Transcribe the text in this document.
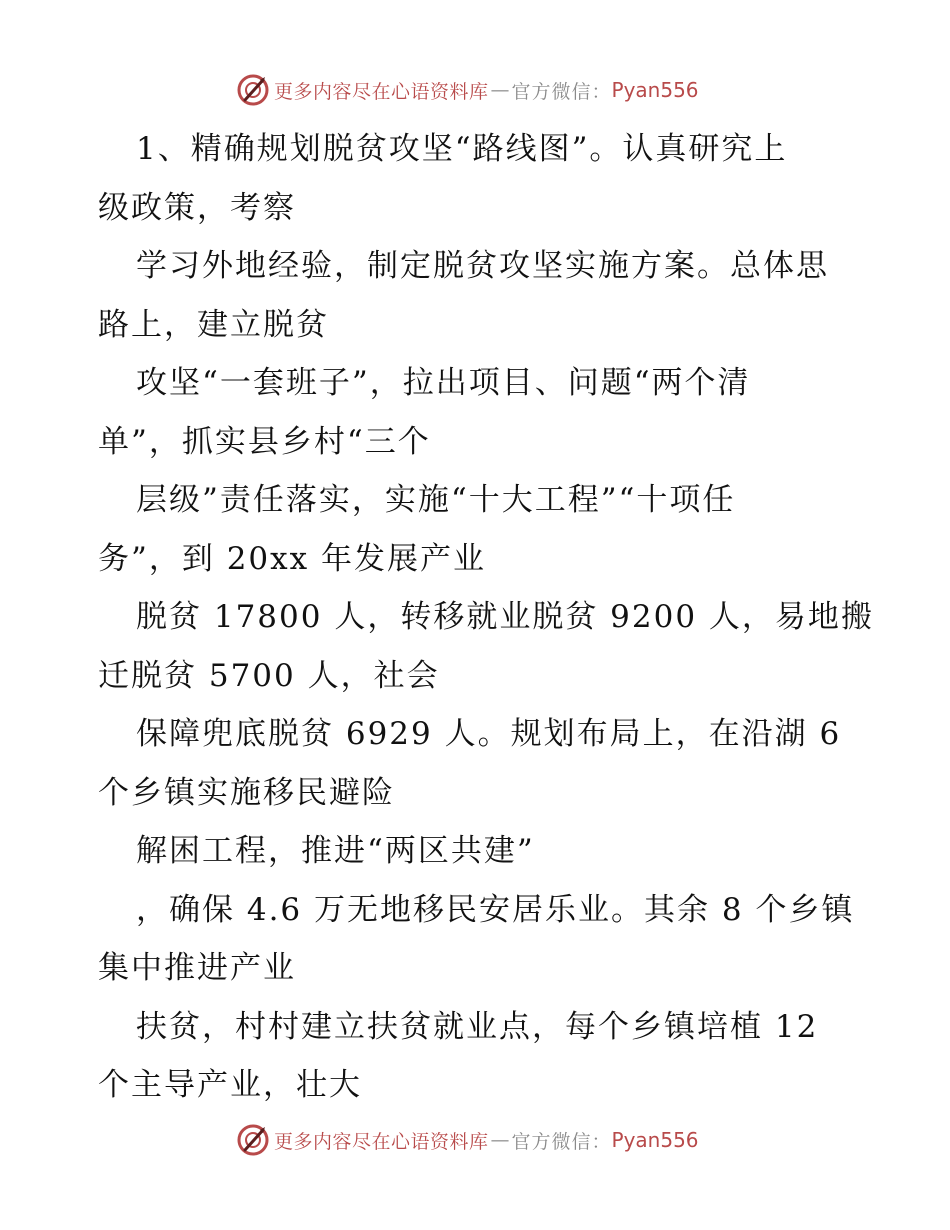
更多内容尽在心语资料库 — 官方微信： Pyan556
1、精确规划脱贫攻坚“路线图”。认真研究上
级政策，考察
学习外地经验，制定脱贫攻坚实施方案。总体思
路上，建立脱贫
攻坚“一套班子”，拉出项目、问题“两个清
单”，抓实县乡村“三个
层级”责任落实，实施“十大工程”“十项任
务”，到 20xx 年发展产业
脱贫 17800 人，转移就业脱贫 9200 人，易地搬
迁脱贫 5700 人，社会
保障兜底脱贫 6929 人。规划布局上，在沿湖 6
个乡镇实施移民避险
解困工程，推进“两区共建”
，确保 4.6 万无地移民安居乐业。其余 8 个乡镇
集中推进产业
扶贫，村村建立扶贫就业点，每个乡镇培植 12
个主导产业，壮大
更多内容尽在心语资料库 — 官方微信： Pyan556
